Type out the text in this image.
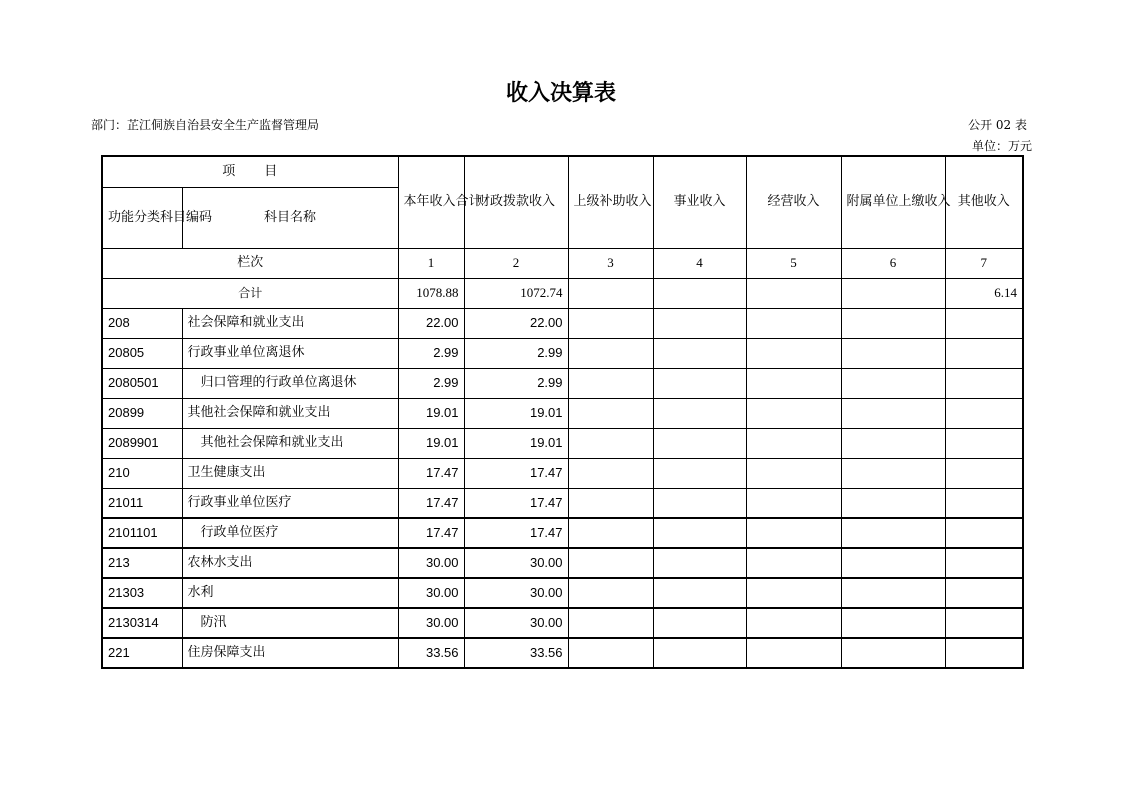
收入决算表
部门：芷江侗族自治县安全生产监督管理局	公开 02 表
单位：万元
项　　目		本年收入合计	财政拨款收入	上级补助收入	事业收入	经营收入	附属单位上缴收入	其他收入
功能分类科目编码	科目名称							
栏次		1	2	3	4	5	6	7
合计		1078.88	1072.74					6.14
208	社会保障和就业支出	22.00	22.00					
20805	行政事业单位离退休	2.99	2.99					
2080501	归口管理的行政单位离退休	2.99	2.99					
20899	其他社会保障和就业支出	19.01	19.01					
2089901	其他社会保障和就业支出	19.01	19.01					
210	卫生健康支出	17.47	17.47					
21011	行政事业单位医疗	17.47	17.47					
2101101	行政单位医疗	17.47	17.47					
213	农林水支出	30.00	30.00					
21303	水利	30.00	30.00					
2130314	防汛	30.00	30.00					
221	住房保障支出	33.56	33.56					
